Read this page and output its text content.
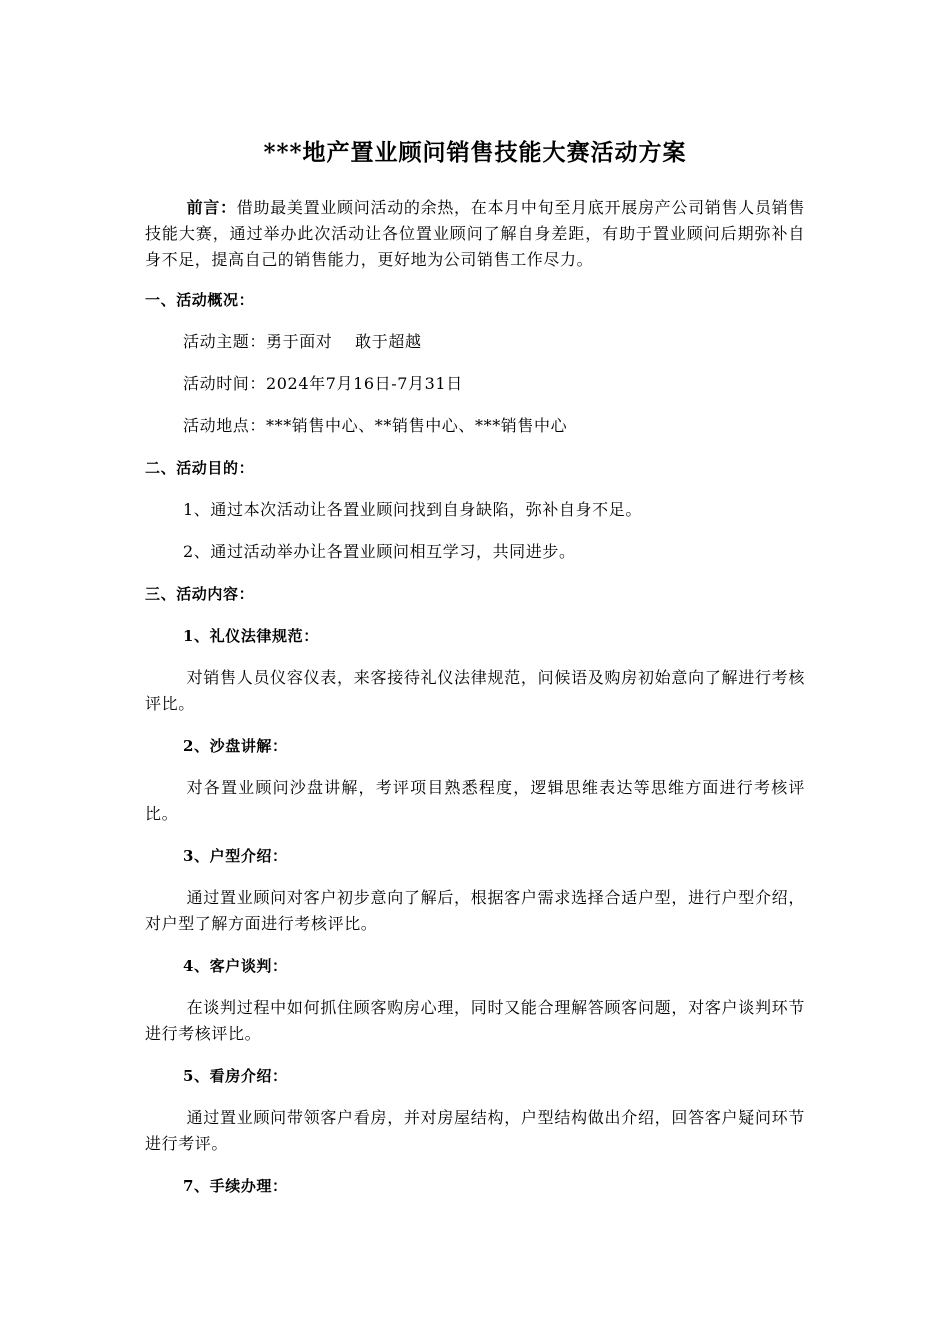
***地产置业顾问销售技能大赛活动方案

前言：借助最美置业顾问活动的余热，在本月中旬至月底开展房产公司销售人员销售技能大赛，通过举办此次活动让各位置业顾问了解自身差距，有助于置业顾问后期弥补自身不足，提高自己的销售能力，更好地为公司销售工作尽力。

一、活动概况：

活动主题：勇于面对    敢于超越

活动时间：2024年7月16日-7月31日

活动地点：***销售中心、**销售中心、***销售中心

二、活动目的：

1、通过本次活动让各置业顾问找到自身缺陷，弥补自身不足。

2、通过活动举办让各置业顾问相互学习，共同进步。

三、活动内容：

1、礼仪法律规范：

对销售人员仪容仪表，来客接待礼仪法律规范，问候语及购房初始意向了解进行考核评比。

2、沙盘讲解：

对各置业顾问沙盘讲解，考评项目熟悉程度，逻辑思维表达等思维方面进行考核评比。

3、户型介绍：

通过置业顾问对客户初步意向了解后，根据客户需求选择合适户型，进行户型介绍，对户型了解方面进行考核评比。

4、客户谈判：

在谈判过程中如何抓住顾客购房心理，同时又能合理解答顾客问题，对客户谈判环节进行考核评比。

5、看房介绍：

通过置业顾问带领客户看房，并对房屋结构，户型结构做出介绍，回答客户疑问环节进行考评。

7、手续办理：
